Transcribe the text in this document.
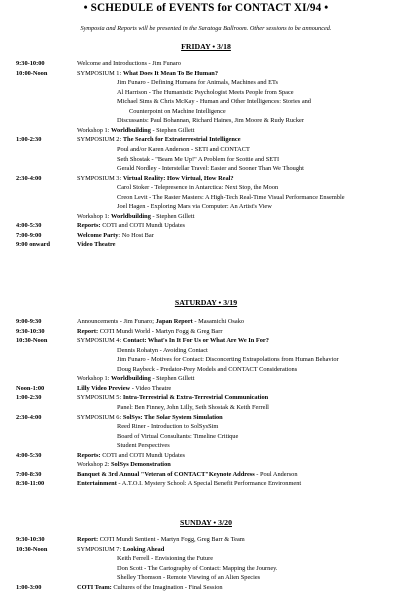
• SCHEDULE of EVENTS for CONTACT XI/94 •
Symposia and Reports will be presented in the Saratoga Ballroom. Other sessions to be announced.
FRIDAY • 3/18
9:30-10:00	Welcome and Introductions - Jim Funaro
10:00-Noon	SYMPOSIUM 1: What Does It Mean To Be Human?
Jim Funaro - Defining Humans for Animals, Machines and ETs
Al Harrison - The Humanistic Psychologist Meets People from Space
Michael Sims & Chris McKay - Human and Other Intelligences: Stories and
Counterpoint on Machine Intelligence
Discussants: Paul Bohannan, Richard Haines, Jim Moore & Rudy Rucker
Workshop 1: Worldbuilding - Stephen Gillett
1:00-2:30	SYMPOSIUM 2: The Search for Extraterrestrial Intelligence
Poul and/or Karen Anderson - SETI and CONTACT
Seth Shostak - "Beam Me Up!" A Problem for Scottie and SETI
Gerald Nordley - Interstellar Travel: Easier and Sooner Than We Thought
2:30-4:00	SYMPOSIUM 3: Virtual Reality: How Virtual, How Real?
Carol Stoker - Telepresence in Antarctica: Next Stop, the Moon
Creon Levit - The Raster Masters: A High-Tech Real-Time Visual Performance Ensemble
Joel Hagen - Exploring Mars via Computer: An Artist's View
Workshop 1: Worldbuilding - Stephen Gillett
4:00-5:30	Reports: COTI and COTI Mundi Updates
7:00-9:00	Welcome Party: No Host Bar
9:00 onward	Video Theatre
SATURDAY • 3/19
9:00-9:30	Announcements - Jim Funaro; Japan Report - Masamichi Osako
9:30-10:30	Report: COTI Mundi World - Martyn Fogg & Greg Barr
10:30-Noon	SYMPOSIUM 4: Contact: What's In It For Us or What Are We In For?
Dennis Rohatyn - Avoiding Contact
Jim Funaro - Motives for Contact: Disconcerting Extrapolations from Human Behavior
Doug Raybeck - Predator-Prey Models and CONTACT Considerations
Workshop 1: Worldbuilding - Stephen Gillett
Noon-1:00	Lilly Video Preview - Video Theatre
1:00-2:30	SYMPOSIUM 5: Intra-Terrestrial & Extra-Terrestrial Communication
Panel: Ben Finney, John Lilly, Seth Shostak & Keith Ferrell
2:30-4:00	SYMPOSIUM 6: SolSys: The Solar System Simulation
Reed Riner - Introduction to SolSysSim
Board of Virtual Consultants: Timeline Critique
Student Perspectives
4:00-5:30	Reports: COTI and COTI Mundi Updates
Workshop 2: SolSys Demonstration
7:00-8:30	Banquet & 3rd Annual "Veteran of CONTACT"Keynote Address - Poul Anderson
8:30-11:00	Entertainment - A.T.O.I. Mystery School: A Special Benefit Performance Environment
SUNDAY • 3/20
9:30-10:30	Report: COTI Mundi Sentient - Martyn Fogg, Greg Barr & Team
10:30-Noon	SYMPOSIUM 7: Looking Ahead
Keith Ferrell - Envisioning the Future
Don Scott - The Cartography of Contact: Mapping the Journey.
Shelley Thomson - Remote Viewing of an Alien Species
1:00-3:00	COTI Team: Cultures of the Imagination - Final Session
